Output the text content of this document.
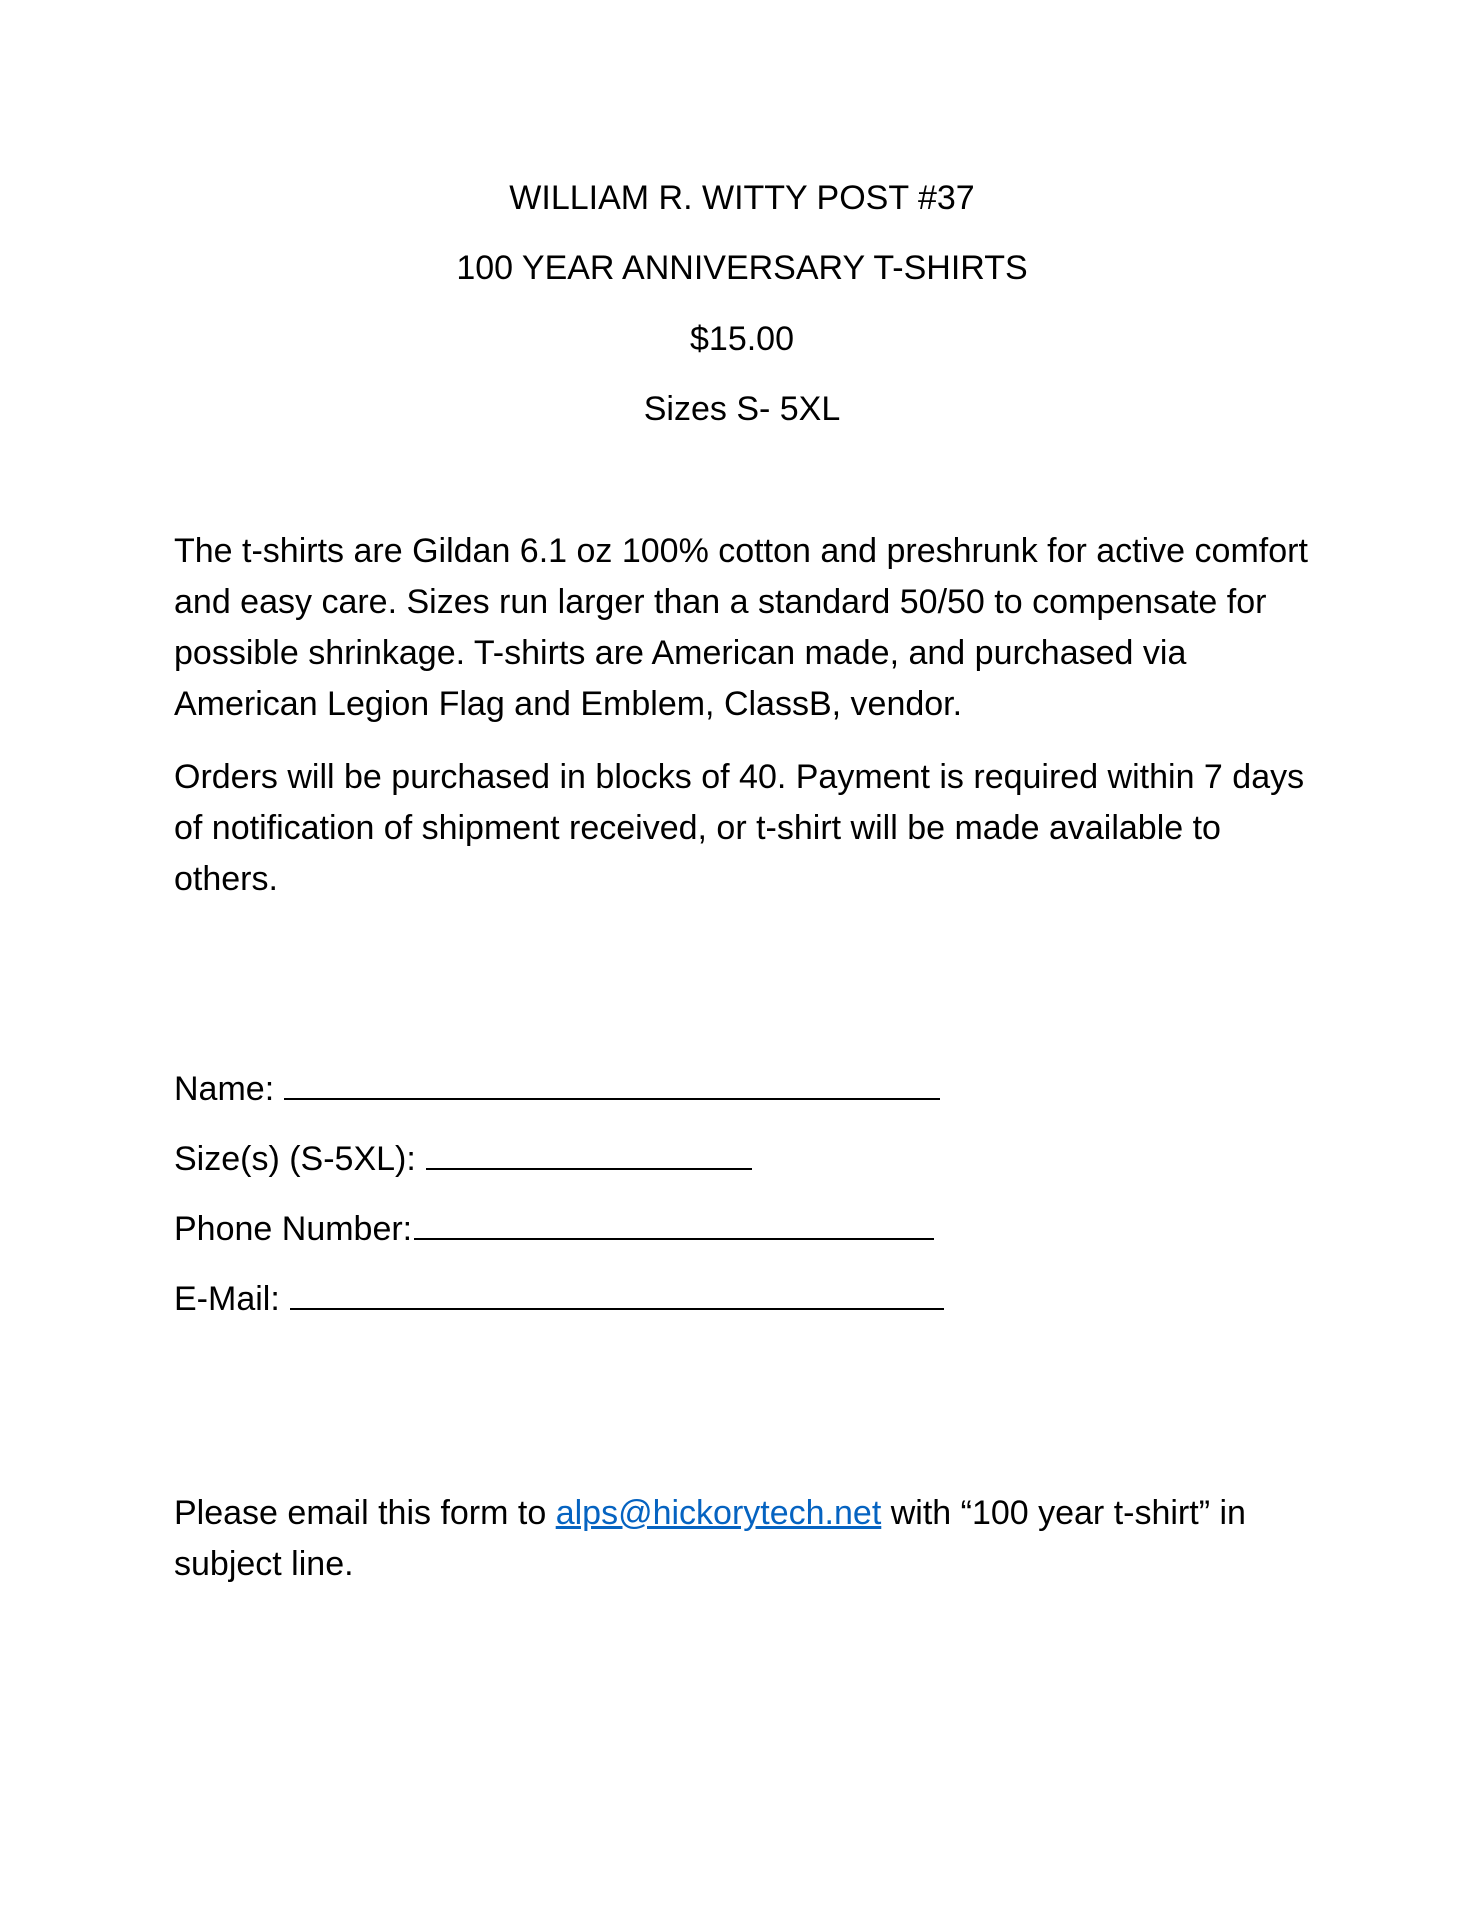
WILLIAM R. WITTY POST #37
100 YEAR ANNIVERSARY T-SHIRTS
$15.00
Sizes S- 5XL
The t-shirts are Gildan 6.1 oz 100% cotton and preshrunk for active comfort and easy care. Sizes run larger than a standard 50/50 to compensate for possible shrinkage. T-shirts are American made, and purchased via American Legion Flag and Emblem, ClassB, vendor.
Orders will be purchased in blocks of 40. Payment is required within 7 days of notification of shipment received, or t-shirt will be made available to others.
Name:
Size(s) (S-5XL):
Phone Number:
E-Mail:
Please email this form to alps@hickorytech.net with “100 year t-shirt” in subject line.
